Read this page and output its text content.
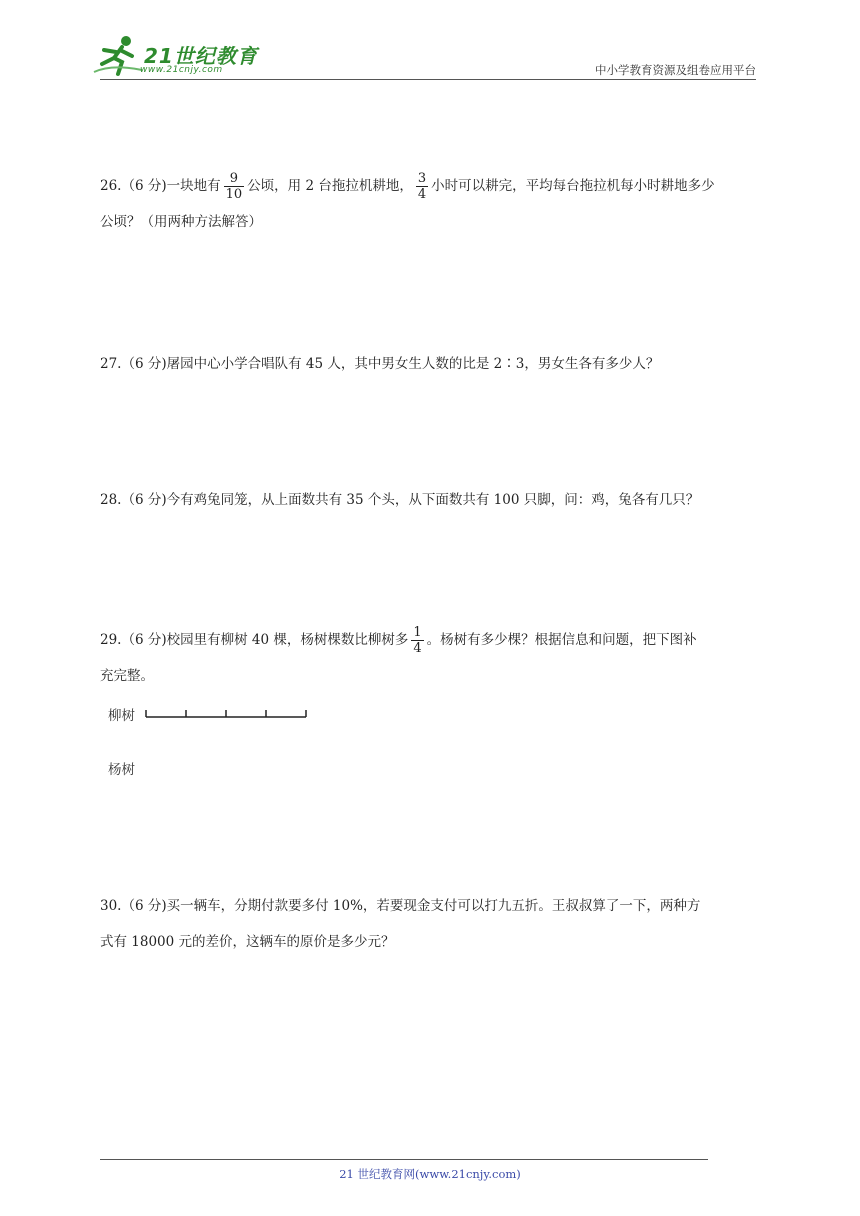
21世纪教育
www.21cnjy.com	中小学教育资源及组卷应用平台
26.（6 分)一块地有 $\frac{9}{10}$ 公顷，用 2 台拖拉机耕地， $\frac{3}{4}$ 小时可以耕完，平均每台拖拉机每小时耕地多少
公顷？（用两种方法解答）
27.（6 分)屠园中心小学合唱队有 45 人，其中男女生人数的比是 2∶3，男女生各有多少人？
28.（6 分)今有鸡兔同笼，从上面数共有 35 个头，从下面数共有 100 只脚，问：鸡，兔各有几只？
29.（6 分)校园里有柳树 40 棵，杨树棵数比柳树多 $\frac{1}{4}$ 。杨树有多少棵？根据信息和问题，把下图补
充完整。
柳树
杨树
30.（6 分)买一辆车，分期付款要多付 10%，若要现金支付可以打九五折。王叔叔算了一下，两种方
式有 18000 元的差价，这辆车的原价是多少元？
21 世纪教育网(www.21cnjy.com)
